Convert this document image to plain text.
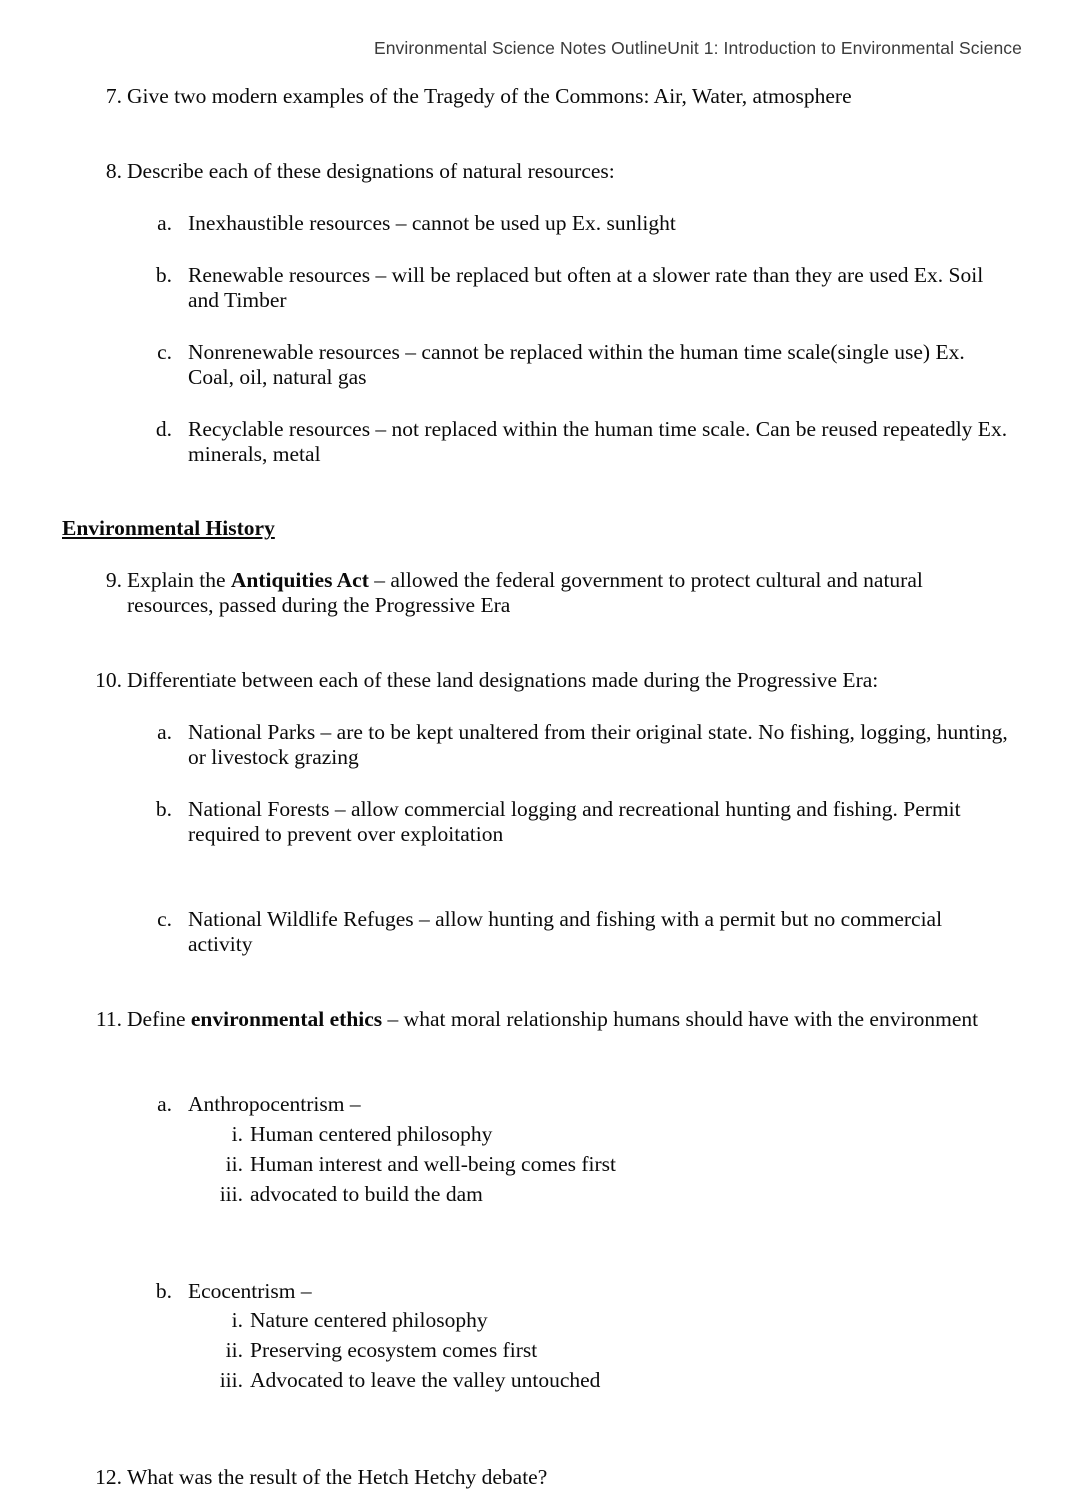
Environmental Science Notes OutlineUnit 1: Introduction to Environmental Science
7. Give two modern examples of the Tragedy of the Commons: Air, Water, atmosphere
8. Describe each of these designations of natural resources:
a. Inexhaustible resources – cannot be used up Ex. sunlight
b. Renewable resources – will be replaced but often at a slower rate than they are used Ex. Soil and Timber
c. Nonrenewable resources – cannot be replaced within the human time scale(single use) Ex. Coal, oil, natural gas
d. Recyclable resources – not replaced within the human time scale. Can be reused repeatedly Ex. minerals, metal
Environmental History
9. Explain the Antiquities Act – allowed the federal government to protect cultural and natural resources, passed during the Progressive Era
10. Differentiate between each of these land designations made during the Progressive Era:
a. National Parks – are to be kept unaltered from their original state. No fishing, logging, hunting, or livestock grazing
b. National Forests – allow commercial logging and recreational hunting and fishing. Permit required to prevent over exploitation
c. National Wildlife Refuges – allow hunting and fishing with a permit but no commercial activity
11. Define environmental ethics – what moral relationship humans should have with the environment
a. Anthropocentrism –
i. Human centered philosophy
ii. Human interest and well-being comes first
iii. advocated to build the dam
b. Ecocentrism –
i. Nature centered philosophy
ii. Preserving ecosystem comes first
iii. Advocated to leave the valley untouched
12. What was the result of the Hetch Hetchy debate?
